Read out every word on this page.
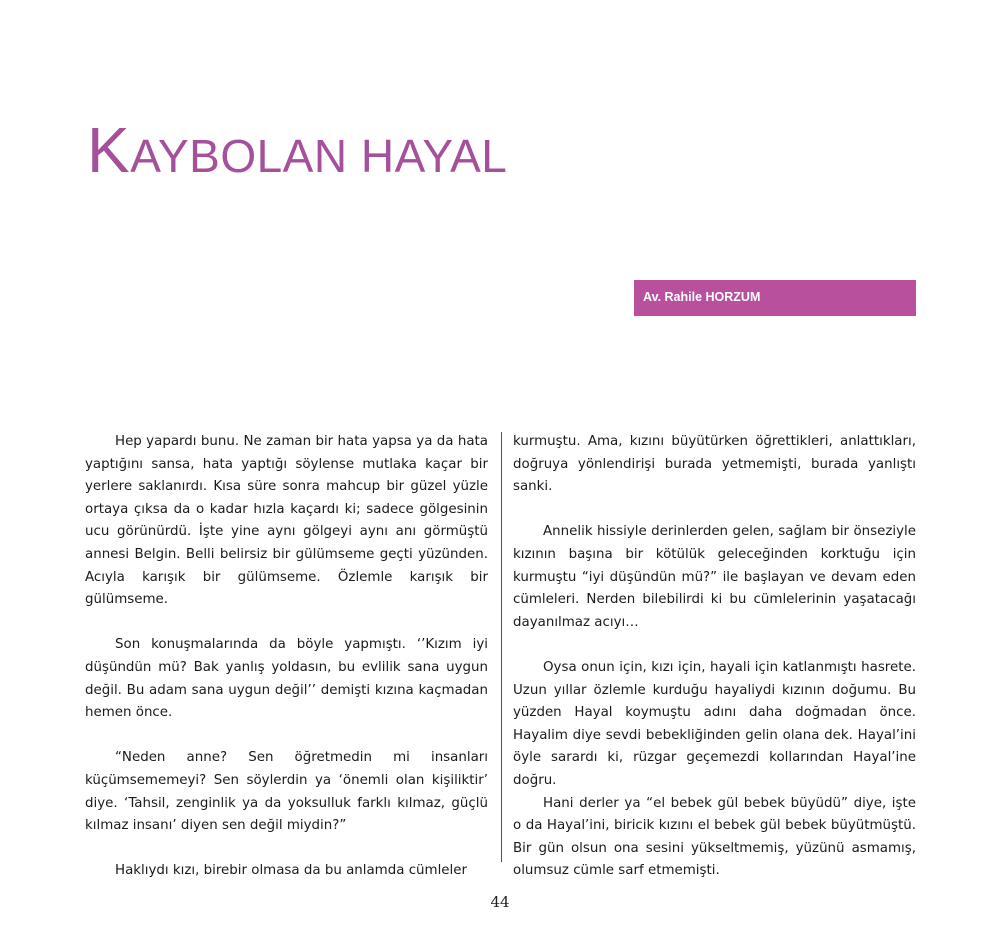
KAYBOLAN HAYAL
Av. Rahile HORZUM

Hep yapardı bunu. Ne zaman bir hata yapsa ya da hata yaptığını sansa, hata yaptığı söylense mutlaka kaçar bir yerlere saklanırdı. Kısa süre sonra mahcup bir güzel yüzle ortaya çıksa da o kadar hızla kaçardı ki; sadece gölgesinin ucu görünürdü. İşte yine aynı gölgeyi aynı anı görmüştü annesi Belgin. Belli belirsiz bir gülümseme geçti yüzünden. Acıyla karışık bir gülümseme. Özlemle karışık bir gülümseme.

Son konuşmalarında da böyle yapmıştı. ‘’Kızım iyi düşündün mü? Bak yanlış yoldasın, bu evlilik sana uygun değil. Bu adam sana uygun değil’’ demişti kızına kaçmadan hemen önce.

“Neden anne? Sen öğretmedin mi insanları küçümsememeyi? Sen söylerdin ya ‘önemli olan kişiliktir’ diye. ‘Tahsil, zenginlik ya da yoksulluk farklı kılmaz, güçlü kılmaz insanı’ diyen sen değil miydin?”

Haklıydı kızı, birebir olmasa da bu anlamda cümleler

kurmuştu. Ama, kızını büyütürken öğrettikleri, anlattıkları, doğruya yönlendirişi burada yetmemişti, burada yanlıştı sanki.

Annelik hissiyle derinlerden gelen, sağlam bir önseziyle kızının başına bir kötülük geleceğinden korktuğu için kurmuştu “iyi düşündün mü?” ile başlayan ve devam eden cümleleri. Nerden bilebilirdi ki bu cümlelerinin yaşatacağı dayanılmaz acıyı…

Oysa onun için, kızı için, hayali için katlanmıştı hasrete. Uzun yıllar özlemle kurduğu hayaliydi kızının doğumu. Bu yüzden Hayal koymuştu adını daha doğmadan önce. Hayalim diye sevdi bebekliğinden gelin olana dek. Hayal’ini öyle sarardı ki, rüzgar geçemezdi kollarından Hayal’ine doğru.

Hani derler ya “el bebek gül bebek büyüdü” diye, işte o da Hayal’ini, biricik kızını el bebek gül bebek büyütmüştü. Bir gün olsun ona sesini yükseltmemiş, yüzünü asmamış, olumsuz cümle sarf etmemişti.

44
